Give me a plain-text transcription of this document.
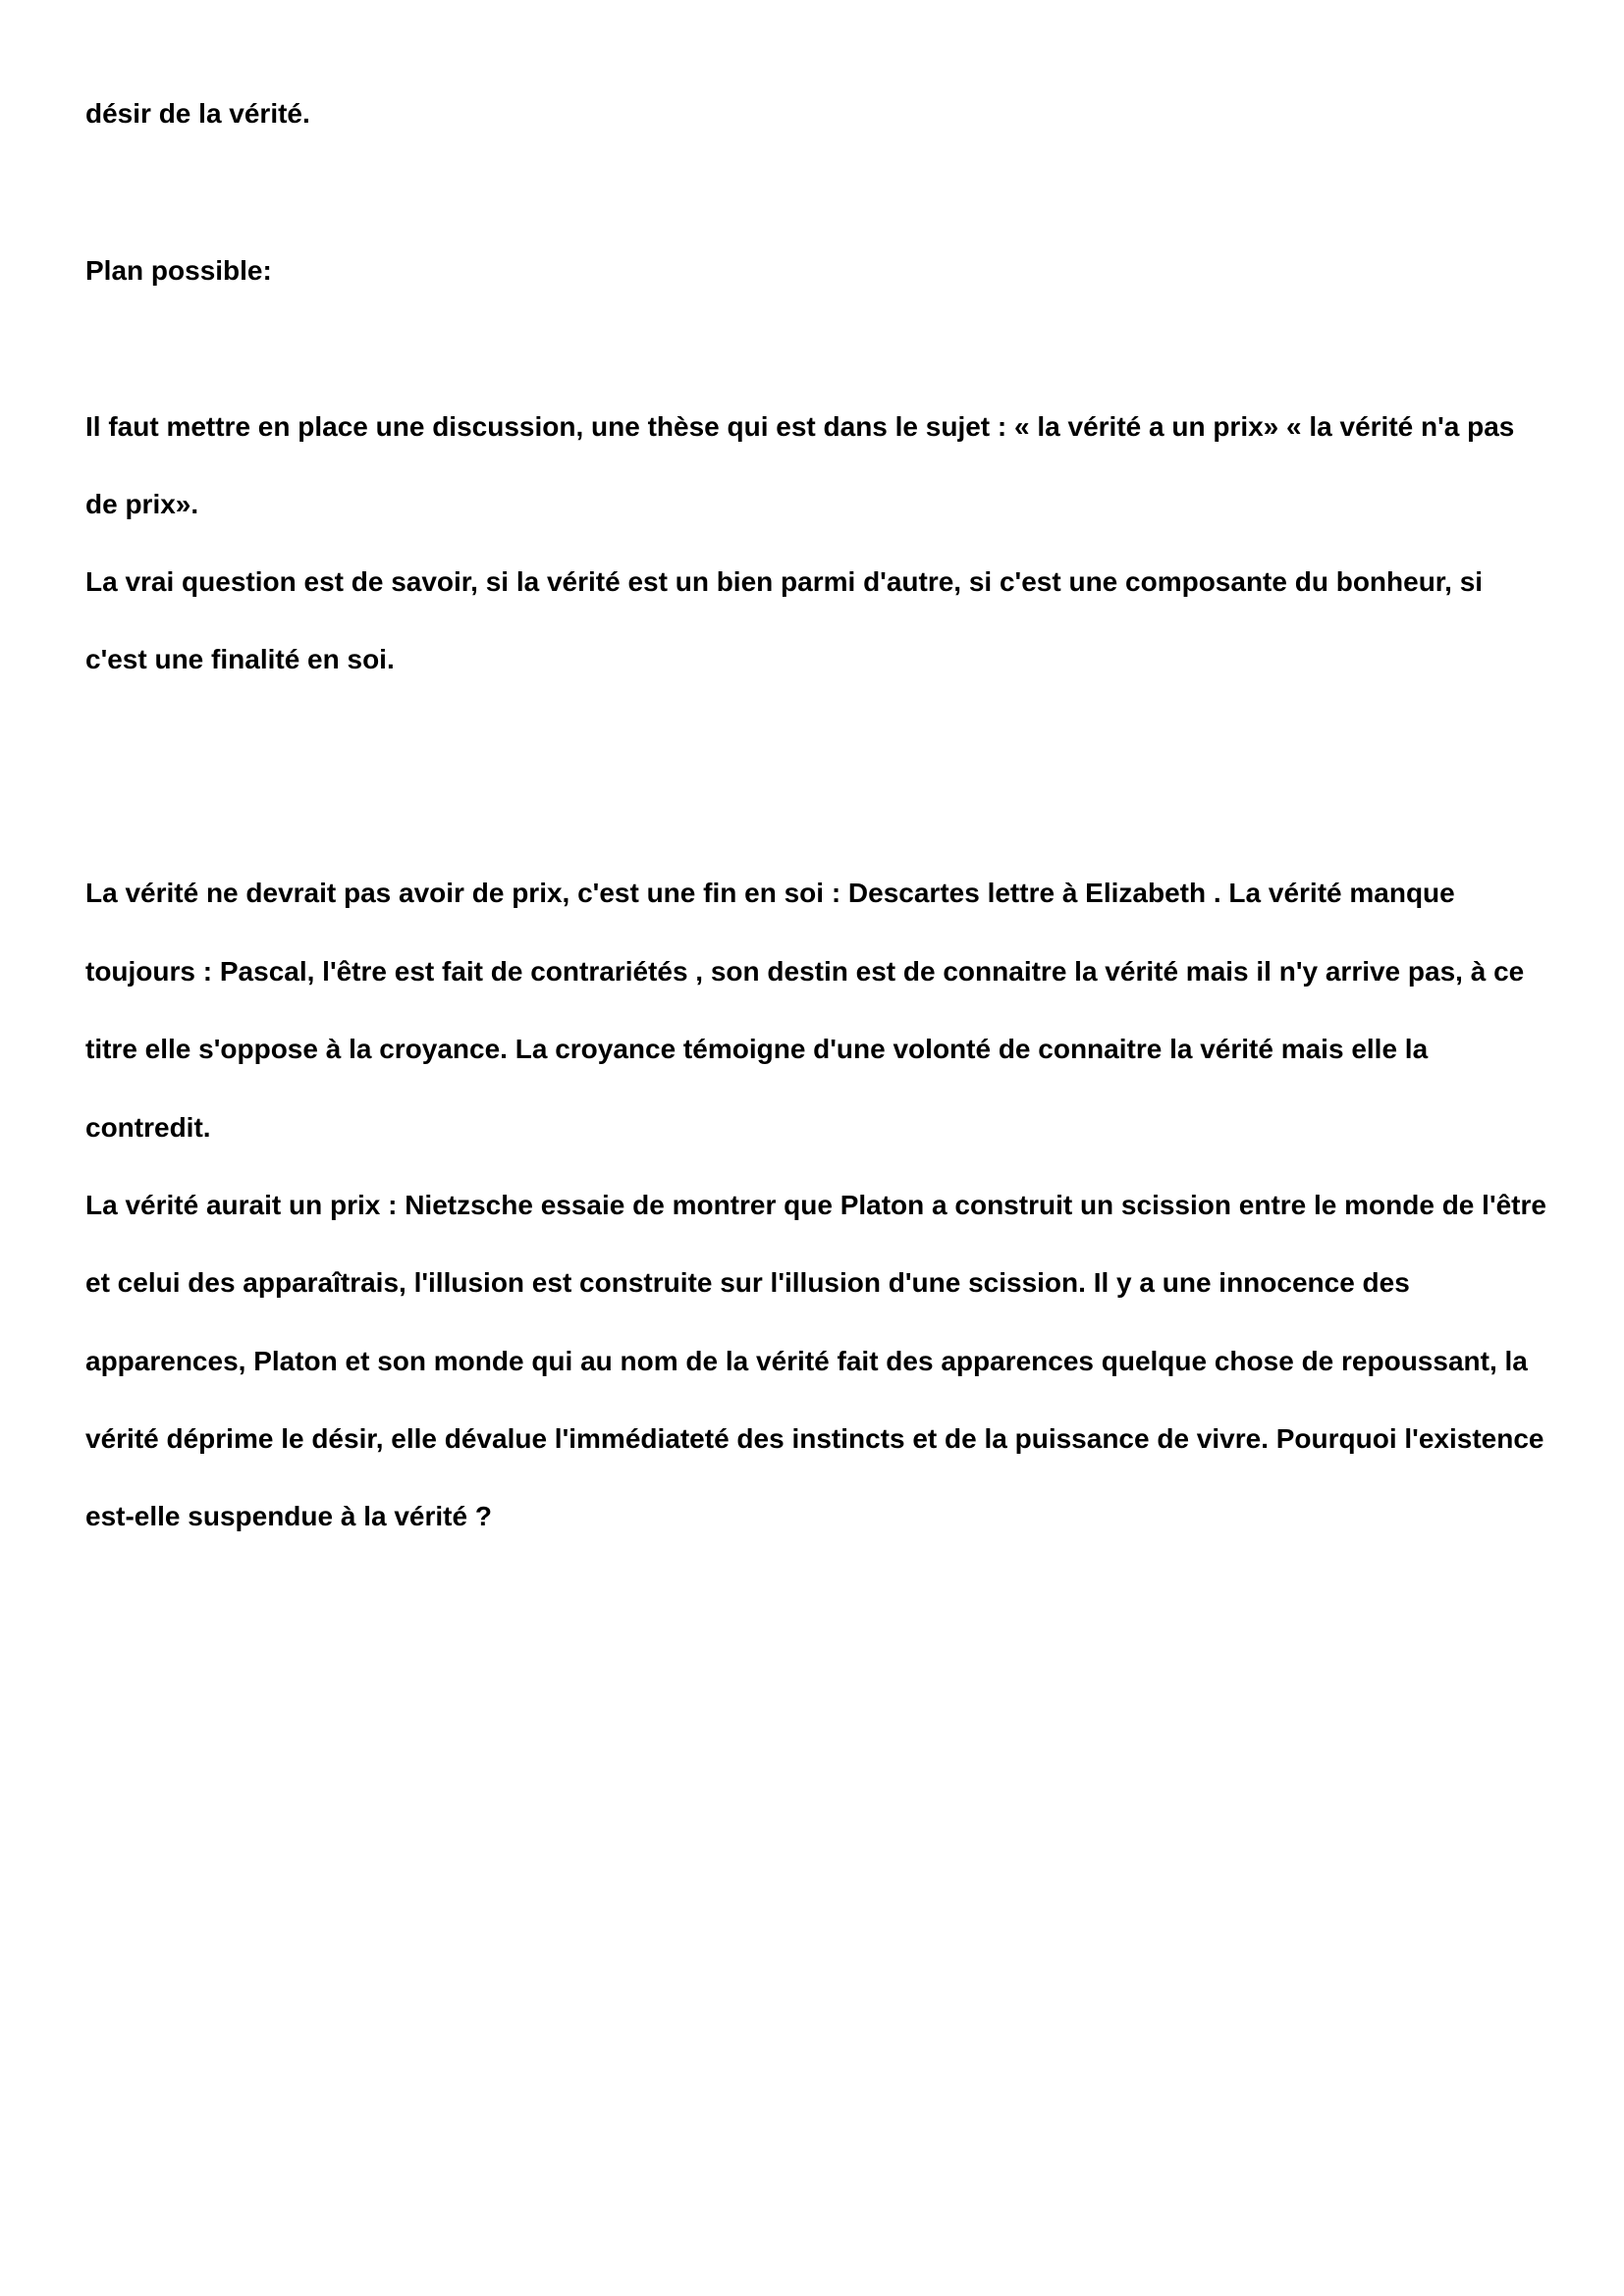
désir de la vérité.

Plan possible:

Il faut mettre en place une discussion, une thèse qui est dans le sujet : « la vérité a un prix» « la vérité n'a pas

de prix».

La vrai question est de savoir, si la vérité est un bien parmi d'autre, si c'est une composante du bonheur, si

c'est une finalité en soi.

La vérité ne devrait pas avoir de prix, c'est une fin en soi : Descartes lettre à Elizabeth . La vérité manque

toujours : Pascal, l'être est fait de contrariétés , son destin est de connaitre la vérité mais il n'y arrive pas, à ce

titre elle s'oppose à la croyance. La croyance témoigne d'une volonté de connaitre la vérité mais elle la

contredit.

La vérité aurait un prix : Nietzsche essaie de montrer que Platon a construit un scission entre le monde de l'être

et celui des apparaîtrais, l'illusion est construite sur l'illusion d'une scission. Il y a une innocence des

apparences, Platon et son monde qui au nom de la vérité fait des apparences quelque chose de repoussant, la

vérité déprime le désir, elle dévalue l'immédiateté des instincts et de la puissance de vivre. Pourquoi l'existence

est-elle suspendue à la vérité ?
